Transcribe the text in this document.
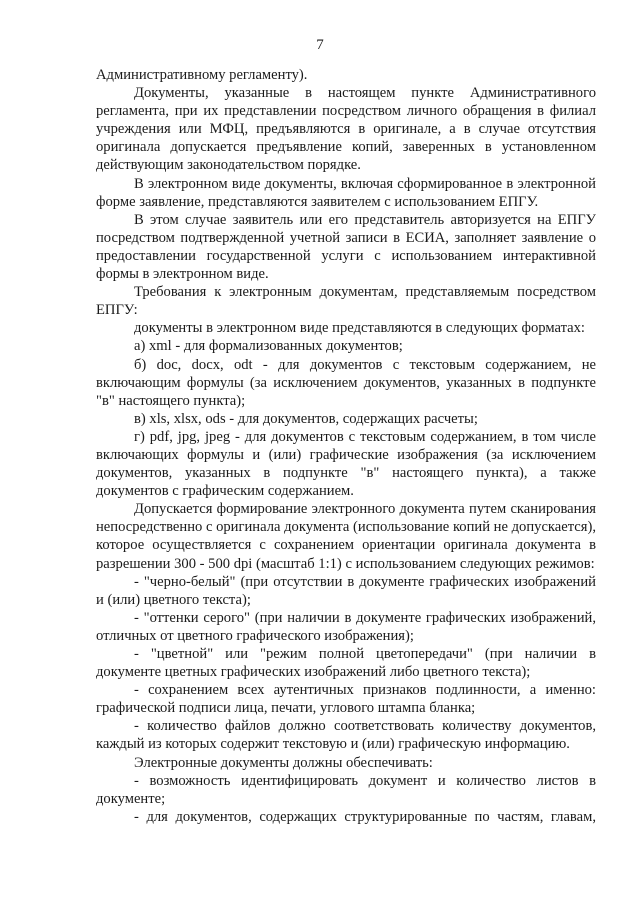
7

Административному регламенту).

Документы, указанные в настоящем пункте Административного регламента, при их представлении посредством личного обращения в филиал учреждения или МФЦ, предъявляются в оригинале, а в случае отсутствия оригинала допускается предъявление копий, заверенных в установленном действующим законодательством порядке.

В электронном виде документы, включая сформированное в электронной форме заявление, представляются заявителем с использованием ЕПГУ.

В этом случае заявитель или его представитель авторизуется на ЕПГУ посредством подтвержденной учетной записи в ЕСИА, заполняет заявление о предоставлении государственной услуги с использованием интерактивной формы в электронном виде.

Требования к электронным документам, представляемым посредством ЕПГУ:

документы в электронном виде представляются в следующих форматах:

а) xml - для формализованных документов;

б) doc, docx, odt - для документов с текстовым содержанием, не включающим формулы (за исключением документов, указанных в подпункте "в" настоящего пункта);

в) xls, xlsx, ods - для документов, содержащих расчеты;

г) pdf, jpg, jpeg - для документов с текстовым содержанием, в том числе включающих формулы и (или) графические изображения (за исключением документов, указанных в подпункте "в" настоящего пункта), а также документов с графическим содержанием.

Допускается формирование электронного документа путем сканирования непосредственно с оригинала документа (использование копий не допускается), которое осуществляется с сохранением ориентации оригинала документа в разрешении 300 - 500 dpi (масштаб 1:1) с использованием следующих режимов:

- "черно-белый" (при отсутствии в документе графических изображений и (или) цветного текста);

- "оттенки серого" (при наличии в документе графических изображений, отличных от цветного графического изображения);

- "цветной" или "режим полной цветопередачи" (при наличии в документе цветных графических изображений либо цветного текста);

- сохранением всех аутентичных признаков подлинности, а именно: графической подписи лица, печати, углового штампа бланка;

- количество файлов должно соответствовать количеству документов, каждый из которых содержит текстовую и (или) графическую информацию.

Электронные документы должны обеспечивать:

- возможность идентифицировать документ и количество листов в документе;

- для документов, содержащих структурированные по частям, главам,
